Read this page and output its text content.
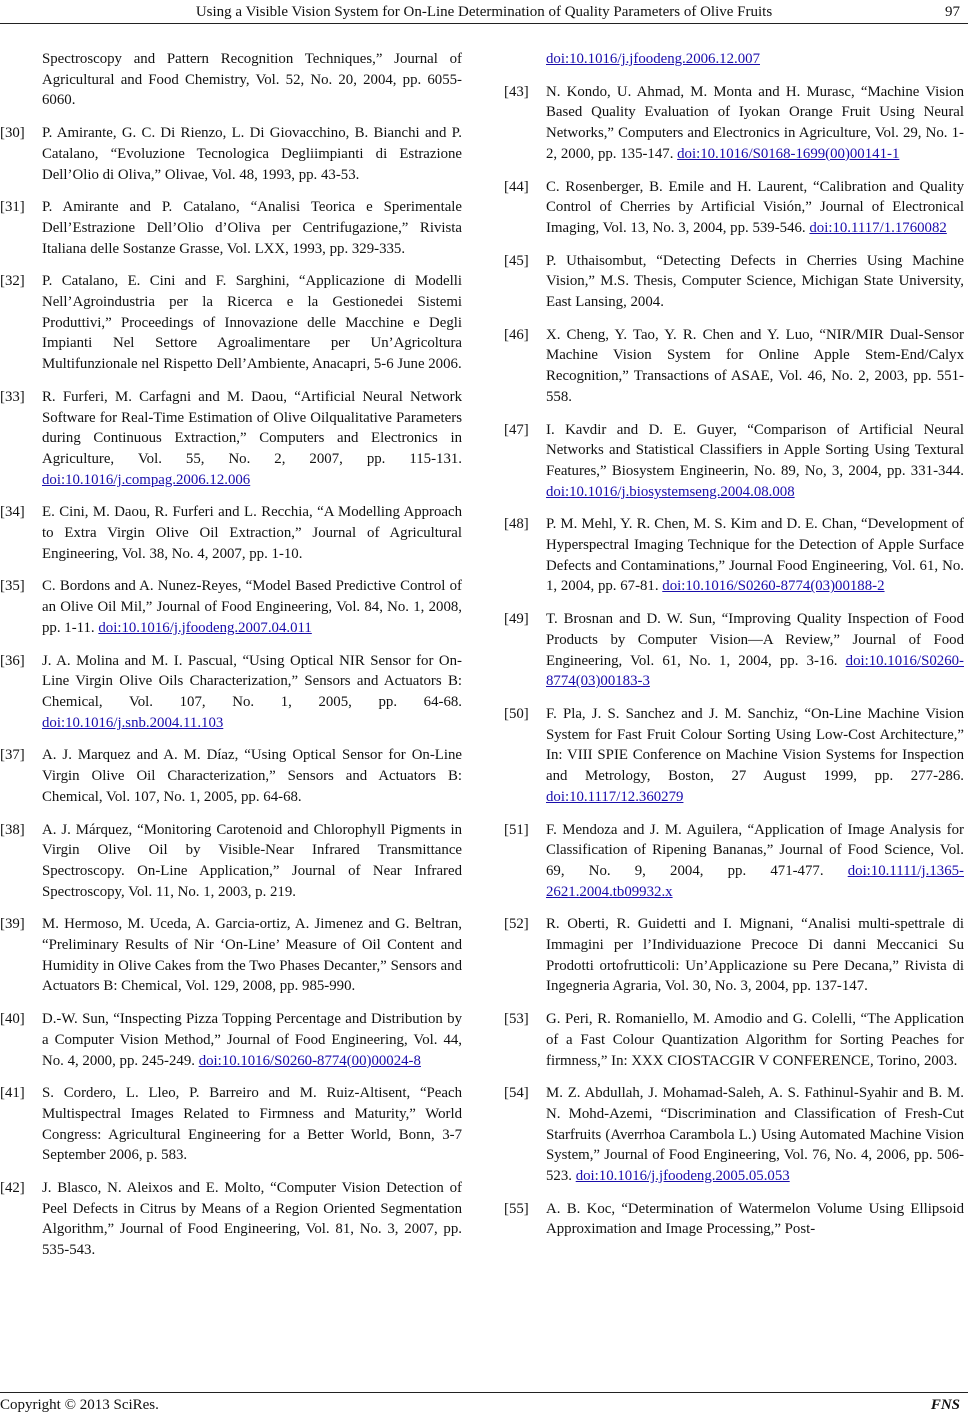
Using a Visible Vision System for On-Line Determination of Quality Parameters of Olive Fruits	97
Spectroscopy and Pattern Recognition Techniques,” Journal of Agricultural and Food Chemistry, Vol. 52, No. 20, 2004, pp. 6055-6060.
[30] P. Amirante, G. C. Di Rienzo, L. Di Giovacchino, B. Bianchi and P. Catalano, “Evoluzione Tecnologica Degliimpianti di Estrazione Dell’Olio di Oliva,” Olivae, Vol. 48, 1993, pp. 43-53.
[31] P. Amirante and P. Catalano, “Analisi Teorica e Sperimentale Dell’Estrazione Dell’Olio d’Oliva per Centrifugazione,” Rivista Italiana delle Sostanze Grasse, Vol. LXX, 1993, pp. 329-335.
[32] P. Catalano, E. Cini and F. Sarghini, “Applicazione di Modelli Nell’Agroindustria per la Ricerca e la Gestionedei Sistemi Produttivi,” Proceedings of Innovazione delle Macchine e Degli Impianti Nel Settore Agroalimentare per Un’Agricoltura Multifunzionale nel Rispetto Dell’Ambiente, Anacapri, 5-6 June 2006.
[33] R. Furferi, M. Carfagni and M. Daou, “Artificial Neural Network Software for Real-Time Estimation of Olive Oilqualitative Parameters during Continuous Extraction,” Computers and Electronics in Agriculture, Vol. 55, No. 2, 2007, pp. 115-131. doi:10.1016/j.compag.2006.12.006
[34] E. Cini, M. Daou, R. Furferi and L. Recchia, “A Modelling Approach to Extra Virgin Olive Oil Extraction,” Journal of Agricultural Engineering, Vol. 38, No. 4, 2007, pp. 1-10.
[35] C. Bordons and A. Nunez-Reyes, “Model Based Predictive Control of an Olive Oil Mil,” Journal of Food Engineering, Vol. 84, No. 1, 2008, pp. 1-11. doi:10.1016/j.jfoodeng.2007.04.011
[36] J. A. Molina and M. I. Pascual, “Using Optical NIR Sensor for On-Line Virgin Olive Oils Characterization,” Sensors and Actuators B: Chemical, Vol. 107, No. 1, 2005, pp. 64-68. doi:10.1016/j.snb.2004.11.103
[37] A. J. Marquez and A. M. Díaz, “Using Optical Sensor for On-Line Virgin Olive Oil Characterization,” Sensors and Actuators B: Chemical, Vol. 107, No. 1, 2005, pp. 64-68.
[38] A. J. Márquez, “Monitoring Carotenoid and Chlorophyll Pigments in Virgin Olive Oil by Visible-Near Infrared Transmittance Spectroscopy. On-Line Application,” Journal of Near Infrared Spectroscopy, Vol. 11, No. 1, 2003, p. 219.
[39] M. Hermoso, M. Uceda, A. Garcia-ortiz, A. Jimenez and G. Beltran, “Preliminary Results of Nir ‘On-Line’ Measure of Oil Content and Humidity in Olive Cakes from the Two Phases Decanter,” Sensors and Actuators B: Chemical, Vol. 129, 2008, pp. 985-990.
[40] D.-W. Sun, “Inspecting Pizza Topping Percentage and Distribution by a Computer Vision Method,” Journal of Food Engineering, Vol. 44, No. 4, 2000, pp. 245-249. doi:10.1016/S0260-8774(00)00024-8
[41] S. Cordero, L. Lleo, P. Barreiro and M. Ruiz-Altisent, “Peach Multispectral Images Related to Firmness and Maturity,” World Congress: Agricultural Engineering for a Better World, Bonn, 3-7 September 2006, p. 583.
[42] J. Blasco, N. Aleixos and E. Molto, “Computer Vision Detection of Peel Defects in Citrus by Means of a Region Oriented Segmentation Algorithm,” Journal of Food Engineering, Vol. 81, No. 3, 2007, pp. 535-543.
doi:10.1016/j.jfoodeng.2006.12.007
[43] N. Kondo, U. Ahmad, M. Monta and H. Murasc, “Machine Vision Based Quality Evaluation of Iyokan Orange Fruit Using Neural Networks,” Computers and Electronics in Agriculture, Vol. 29, No. 1-2, 2000, pp. 135-147. doi:10.1016/S0168-1699(00)00141-1
[44] C. Rosenberger, B. Emile and H. Laurent, “Calibration and Quality Control of Cherries by Artificial Visión,” Journal of Electronical Imaging, Vol. 13, No. 3, 2004, pp. 539-546. doi:10.1117/1.1760082
[45] P. Uthaisombut, “Detecting Defects in Cherries Using Machine Vision,” M.S. Thesis, Computer Science, Michigan State University, East Lansing, 2004.
[46] X. Cheng, Y. Tao, Y. R. Chen and Y. Luo, “NIR/MIR Dual-Sensor Machine Vision System for Online Apple Stem-End/Calyx Recognition,” Transactions of ASAE, Vol. 46, No. 2, 2003, pp. 551-558.
[47] I. Kavdir and D. E. Guyer, “Comparison of Artificial Neural Networks and Statistical Classifiers in Apple Sorting Using Textural Features,” Biosystem Engineerin, No. 89, No, 3, 2004, pp. 331-344. doi:10.1016/j.biosystemseng.2004.08.008
[48] P. M. Mehl, Y. R. Chen, M. S. Kim and D. E. Chan, “Development of Hyperspectral Imaging Technique for the Detection of Apple Surface Defects and Contaminations,” Journal Food Engineering, Vol. 61, No. 1, 2004, pp. 67-81. doi:10.1016/S0260-8774(03)00188-2
[49] T. Brosnan and D. W. Sun, “Improving Quality Inspection of Food Products by Computer Vision—A Review,” Journal of Food Engineering, Vol. 61, No. 1, 2004, pp. 3-16. doi:10.1016/S0260-8774(03)00183-3
[50] F. Pla, J. S. Sanchez and J. M. Sanchiz, “On-Line Machine Vision System for Fast Fruit Colour Sorting Using Low-Cost Architecture,” In: VIII SPIE Conference on Machine Vision Systems for Inspection and Metrology, Boston, 27 August 1999, pp. 277-286. doi:10.1117/12.360279
[51] F. Mendoza and J. M. Aguilera, “Application of Image Analysis for Classification of Ripening Bananas,” Journal of Food Science, Vol. 69, No. 9, 2004, pp. 471-477. doi:10.1111/j.1365-2621.2004.tb09932.x
[52] R. Oberti, R. Guidetti and I. Mignani, “Analisi multi-spettrale di Immagini per l’Individuazione Precoce Di danni Meccanici Su Prodotti ortofrutticoli: Un’Applicazione su Pere Decana,” Rivista di Ingegneria Agraria, Vol. 30, No. 3, 2004, pp. 137-147.
[53] G. Peri, R. Romaniello, M. Amodio and G. Colelli, “The Application of a Fast Colour Quantization Algorithm for Sorting Peaches for firmness,” In: XXX CIOSTACGIR V CONFERENCE, Torino, 2003.
[54] M. Z. Abdullah, J. Mohamad-Saleh, A. S. Fathinul-Syahir and B. M. N. Mohd-Azemi, “Discrimination and Classification of Fresh-Cut Starfruits (Averrhoa Carambola L.) Using Automated Machine Vision System,” Journal of Food Engineering, Vol. 76, No. 4, 2006, pp. 506-523. doi:10.1016/j.jfoodeng.2005.05.053
[55] A. B. Koc, “Determination of Watermelon Volume Using Ellipsoid Approximation and Image Processing,” Post-
Copyright © 2013 SciRes.	FNS
